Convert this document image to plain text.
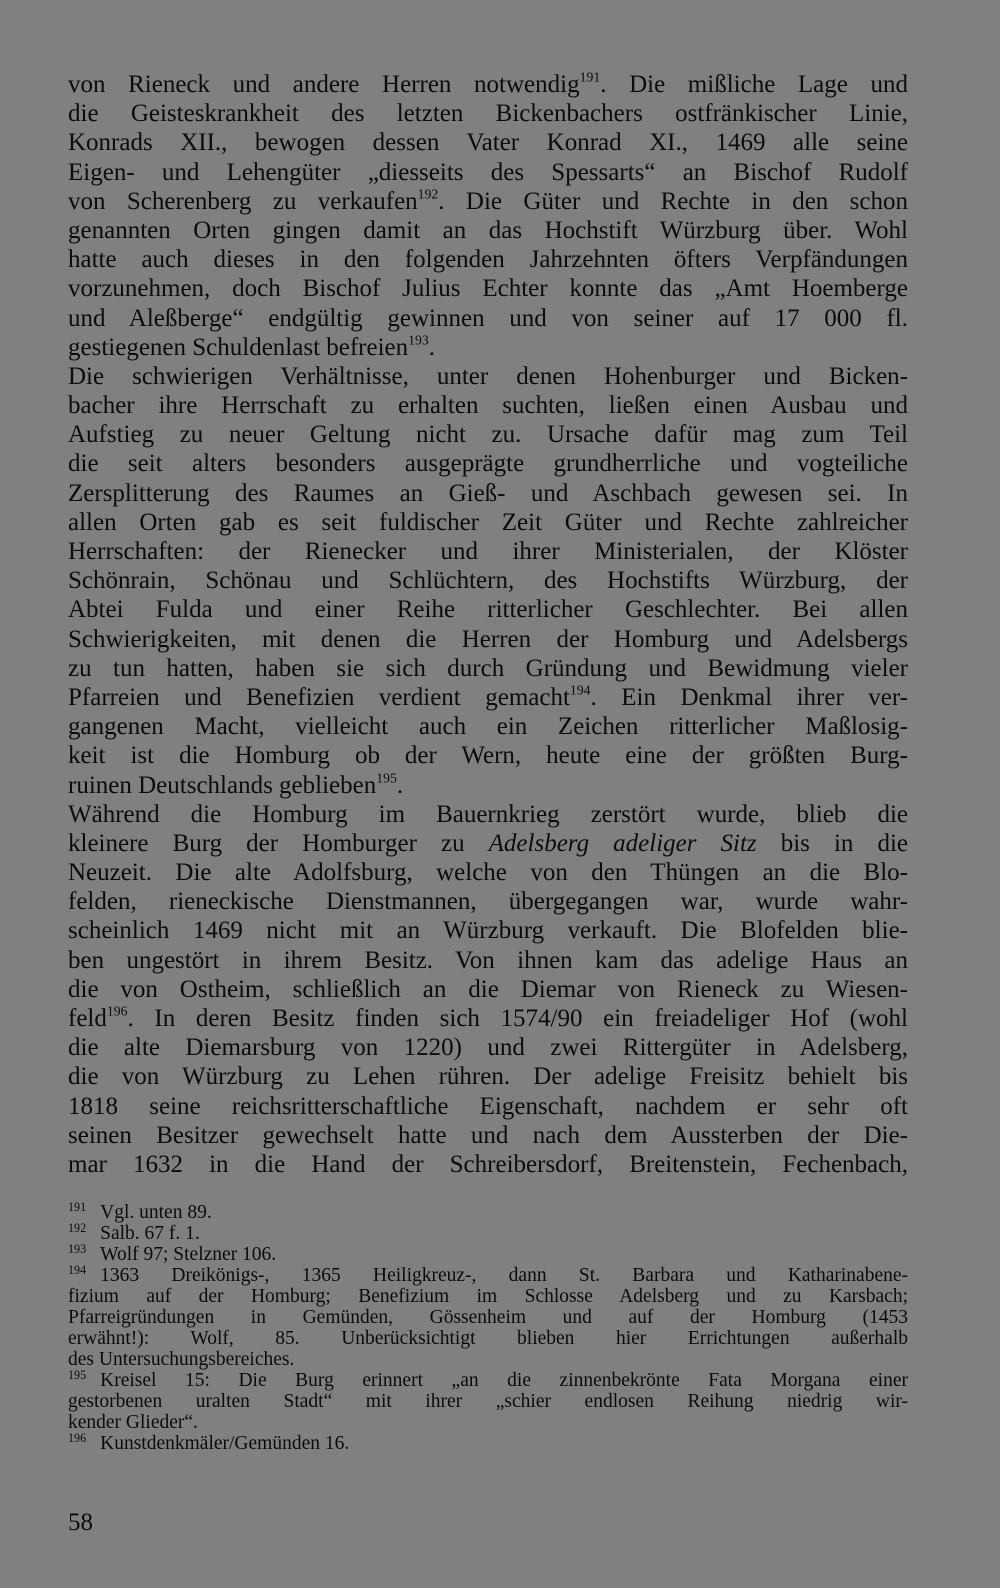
von Rieneck und andere Herren notwendig$^{191}$. Die mißliche Lage und
die Geisteskrankheit des letzten Bickenbachers ostfränkischer Linie,
Konrads XII., bewogen dessen Vater Konrad XI., 1469 alle seine
Eigen- und Lehengüter „diesseits des Spessarts“ an Bischof Rudolf
von Scherenberg zu verkaufen$^{192}$. Die Güter und Rechte in den schon
genannten Orten gingen damit an das Hochstift Würzburg über. Wohl
hatte auch dieses in den folgenden Jahrzehnten öfters Verpfändungen
vorzunehmen, doch Bischof Julius Echter konnte das „Amt Hoemberge
und Aleßberge“ endgültig gewinnen und von seiner auf 17 000 fl.
gestiegenen Schuldenlast befreien$^{193}$.
Die schwierigen Verhältnisse, unter denen Hohenburger und Bicken-
bacher ihre Herrschaft zu erhalten suchten, ließen einen Ausbau und
Aufstieg zu neuer Geltung nicht zu. Ursache dafür mag zum Teil
die seit alters besonders ausgeprägte grundherrliche und vogteiliche
Zersplitterung des Raumes an Gieß- und Aschbach gewesen sei. In
allen Orten gab es seit fuldischer Zeit Güter und Rechte zahlreicher
Herrschaften: der Rienecker und ihrer Ministerialen, der Klöster
Schönrain, Schönau und Schlüchtern, des Hochstifts Würzburg, der
Abtei Fulda und einer Reihe ritterlicher Geschlechter. Bei allen
Schwierigkeiten, mit denen die Herren der Homburg und Adelsbergs
zu tun hatten, haben sie sich durch Gründung und Bewidmung vieler
Pfarreien und Benefizien verdient gemacht$^{194}$. Ein Denkmal ihrer ver-
gangenen Macht, vielleicht auch ein Zeichen ritterlicher Maßlosig-
keit ist die Homburg ob der Wern, heute eine der größten Burg-
ruinen Deutschlands geblieben$^{195}$.
Während die Homburg im Bauernkrieg zerstört wurde, blieb die
kleinere Burg der Homburger zu Adelsberg adeliger Sitz bis in die
Neuzeit. Die alte Adolfsburg, welche von den Thüngen an die Blo-
felden, rieneckische Dienstmannen, übergegangen war, wurde wahr-
scheinlich 1469 nicht mit an Würzburg verkauft. Die Blofelden blie-
ben ungestört in ihrem Besitz. Von ihnen kam das adelige Haus an
die von Ostheim, schließlich an die Diemar von Rieneck zu Wiesen-
feld$^{196}$. In deren Besitz finden sich 1574/90 ein freiadeliger Hof (wohl
die alte Diemarsburg von 1220) und zwei Rittergüter in Adelsberg,
die von Würzburg zu Lehen rühren. Der adelige Freisitz behielt bis
1818 seine reichsritterschaftliche Eigenschaft, nachdem er sehr oft
seinen Besitzer gewechselt hatte und nach dem Aussterben der Die-
mar 1632 in die Hand der Schreibersdorf, Breitenstein, Fechenbach,
$^{191}$ Vgl. unten 89.
$^{192}$ Salb. 67 f. 1.
$^{193}$ Wolf 97; Stelzner 106.
$^{194}$ 1363 Dreikönigs-, 1365 Heiligkreuz-, dann St. Barbara und Katharinabene-
fizium auf der Homburg; Benefizium im Schlosse Adelsberg und zu Karsbach;
Pfarreigründungen in Gemünden, Gössenheim und auf der Homburg (1453
erwähnt!): Wolf, 85. Unberücksichtigt blieben hier Errichtungen außerhalb
des Untersuchungsbereiches.
$^{195}$ Kreisel 15: Die Burg erinnert „an die zinnenbekrönte Fata Morgana einer
gestorbenen uralten Stadt“ mit ihrer „schier endlosen Reihung niedrig wir-
kender Glieder“.
$^{196}$ Kunstdenkmäler/Gemünden 16.
58
